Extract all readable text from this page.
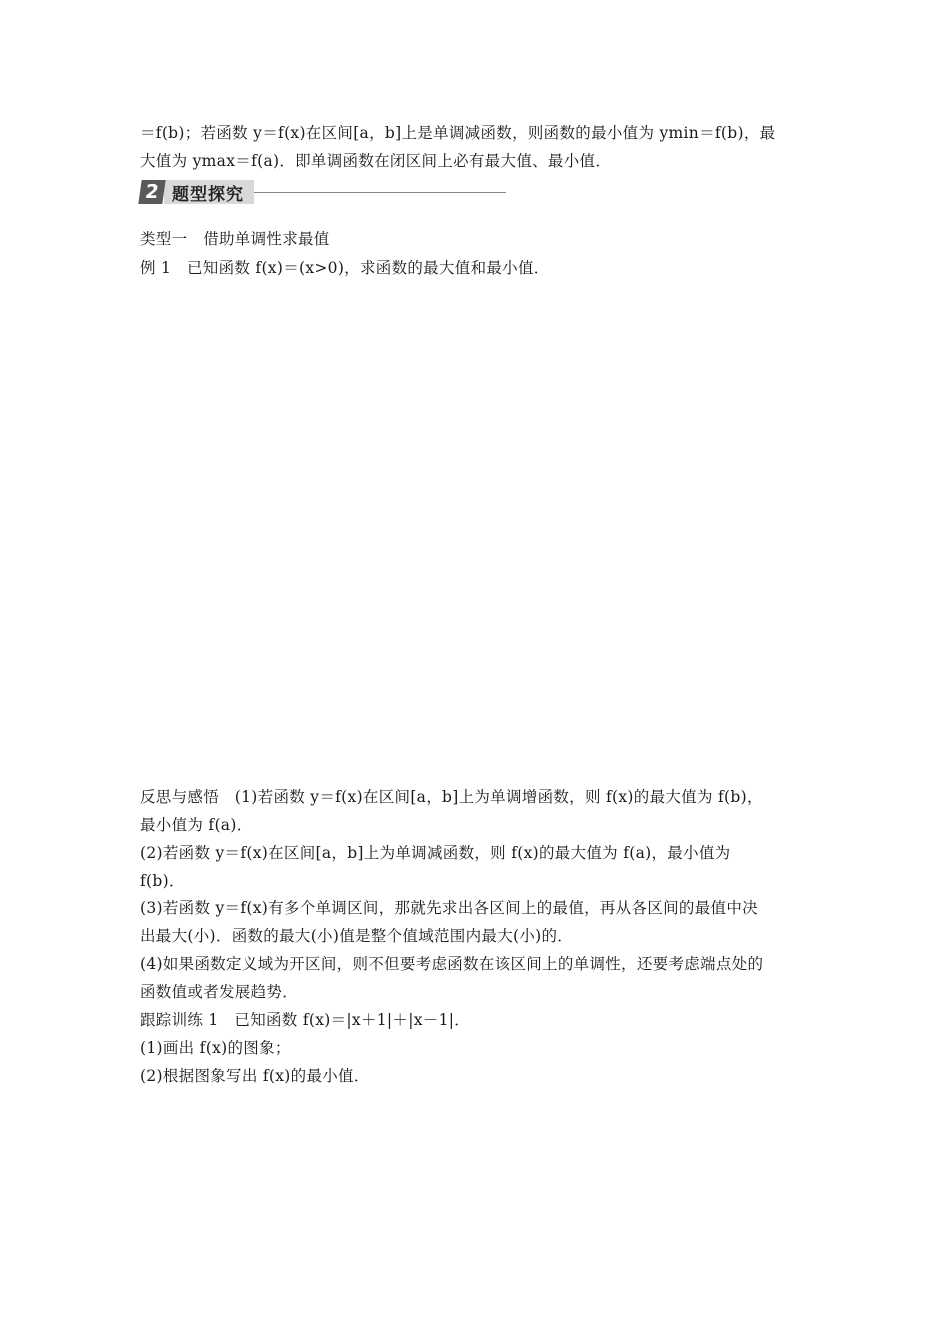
＝f(b)；若函数 y＝f(x)在区间[a，b]上是单调减函数，则函数的最小值为 ymin＝f(b)，最
大值为 ymax＝f(a)．即单调函数在闭区间上必有最大值、最小值．
2 题型探究
类型一　借助单调性求最值
例 1　已知函数 f(x)＝(x>0)，求函数的最大值和最小值．
反思与感悟　(1)若函数 y＝f(x)在区间[a，b]上为单调增函数，则 f(x)的最大值为 f(b)，
最小值为 f(a)．
(2)若函数 y＝f(x)在区间[a，b]上为单调减函数，则 f(x)的最大值为 f(a)，最小值为
f(b)．
(3)若函数 y＝f(x)有多个单调区间，那就先求出各区间上的最值，再从各区间的最值中决
出最大(小)．函数的最大(小)值是整个值域范围内最大(小)的．
(4)如果函数定义域为开区间，则不但要考虑函数在该区间上的单调性，还要考虑端点处的
函数值或者发展趋势．
跟踪训练 1　已知函数 f(x)＝|x＋1|＋|x－1|．
(1)画出 f(x)的图象；
(2)根据图象写出 f(x)的最小值．
